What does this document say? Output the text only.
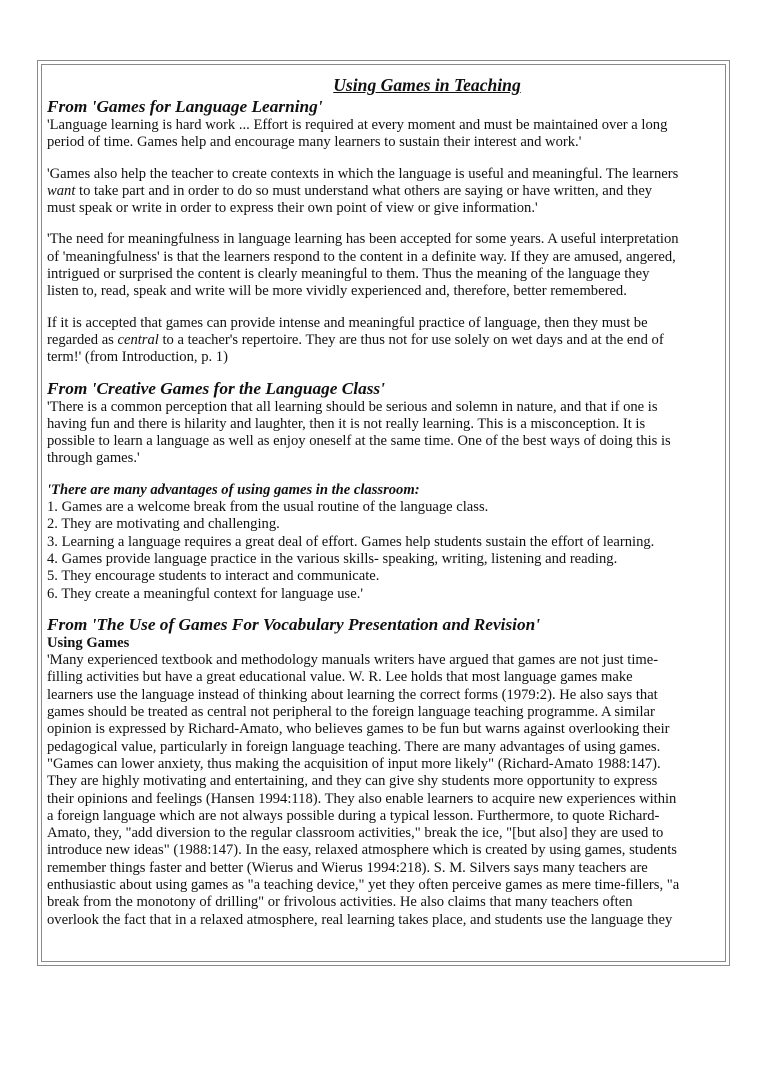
Using Games in Teaching
From 'Games for Language Learning'

'Language learning is hard work ... Effort is required at every moment and must be maintained over a long
period of time. Games help and encourage many learners to sustain their interest and work.'

'Games also help the teacher to create contexts in which the language is useful and meaningful. The learners
want to take part and in order to do so must understand what others are saying or have written, and they
must speak or write in order to express their own point of view or give information.'

'The need for meaningfulness in language learning has been accepted for some years. A useful interpretation
of 'meaningfulness' is that the learners respond to the content in a definite way. If they are amused, angered,
intrigued or surprised the content is clearly meaningful to them. Thus the meaning of the language they
listen to, read, speak and write will be more vividly experienced and, therefore, better remembered.

If it is accepted that games can provide intense and meaningful practice of language, then they must be
regarded as central to a teacher's repertoire. They are thus not for use solely on wet days and at the end of
term!' (from Introduction, p. 1)

From 'Creative Games for the Language Class'

'There is a common perception that all learning should be serious and solemn in nature, and that if one is
having fun and there is hilarity and laughter, then it is not really learning. This is a misconception. It is
possible to learn a language as well as enjoy oneself at the same time. One of the best ways of doing this is
through games.'

'There are many advantages of using games in the classroom:
1. Games are a welcome break from the usual routine of the language class.
2. They are motivating and challenging.
3. Learning a language requires a great deal of effort. Games help students sustain the effort of learning.
4. Games provide language practice in the various skills- speaking, writing, listening and reading.
5. They encourage students to interact and communicate.
6. They create a meaningful context for language use.'
From 'The Use of Games For Vocabulary Presentation and Revision'
Using Games

'Many experienced textbook and methodology manuals writers have argued that games are not just time-
filling activities but have a great educational value. W. R. Lee holds that most language games make
learners use the language instead of thinking about learning the correct forms (1979:2). He also says that
games should be treated as central not peripheral to the foreign language teaching programme. A similar
opinion is expressed by Richard-Amato, who believes games to be fun but warns against overlooking their
pedagogical value, particularly in foreign language teaching. There are many advantages of using games.
"Games can lower anxiety, thus making the acquisition of input more likely" (Richard-Amato 1988:147).
They are highly motivating and entertaining, and they can give shy students more opportunity to express
their opinions and feelings (Hansen 1994:118). They also enable learners to acquire new experiences within
a foreign language which are not always possible during a typical lesson. Furthermore, to quote Richard-
Amato, they, "add diversion to the regular classroom activities," break the ice, "[but also] they are used to
introduce new ideas" (1988:147). In the easy, relaxed atmosphere which is created by using games, students
remember things faster and better (Wierus and Wierus 1994:218). S. M. Silvers says many teachers are
enthusiastic about using games as "a teaching device," yet they often perceive games as mere time-fillers, "a
break from the monotony of drilling" or frivolous activities. He also claims that many teachers often
overlook the fact that in a relaxed atmosphere, real learning takes place, and students use the language they
